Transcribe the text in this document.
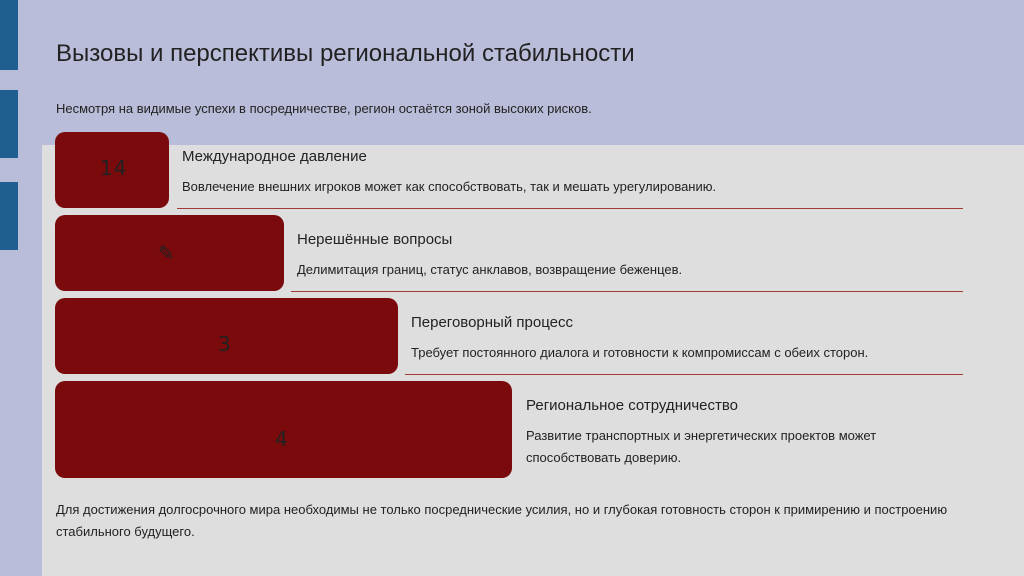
Вызовы и перспективы региональной стабильности

Несмотря на видимые успехи в посредничестве, регион остаётся зоной высоких рисков.

14	Международное давление

Вовлечение внешних игроков может как способствовать, так и мешать урегулированию.

✎
Нерешённые вопросы

Делимитация границ, статус анклавов, возвращение беженцев.

3
Переговорный процесс

Требует постоянного диалога и готовности к компромиссам с обеих сторон.

4
Региональное сотрудничество

Развитие транспортных и энергетических проектов может способствовать доверию.

Для достижения долгосрочного мира необходимы не только посреднические усилия, но и глубокая готовность сторон к примирению и построению стабильного будущего.
